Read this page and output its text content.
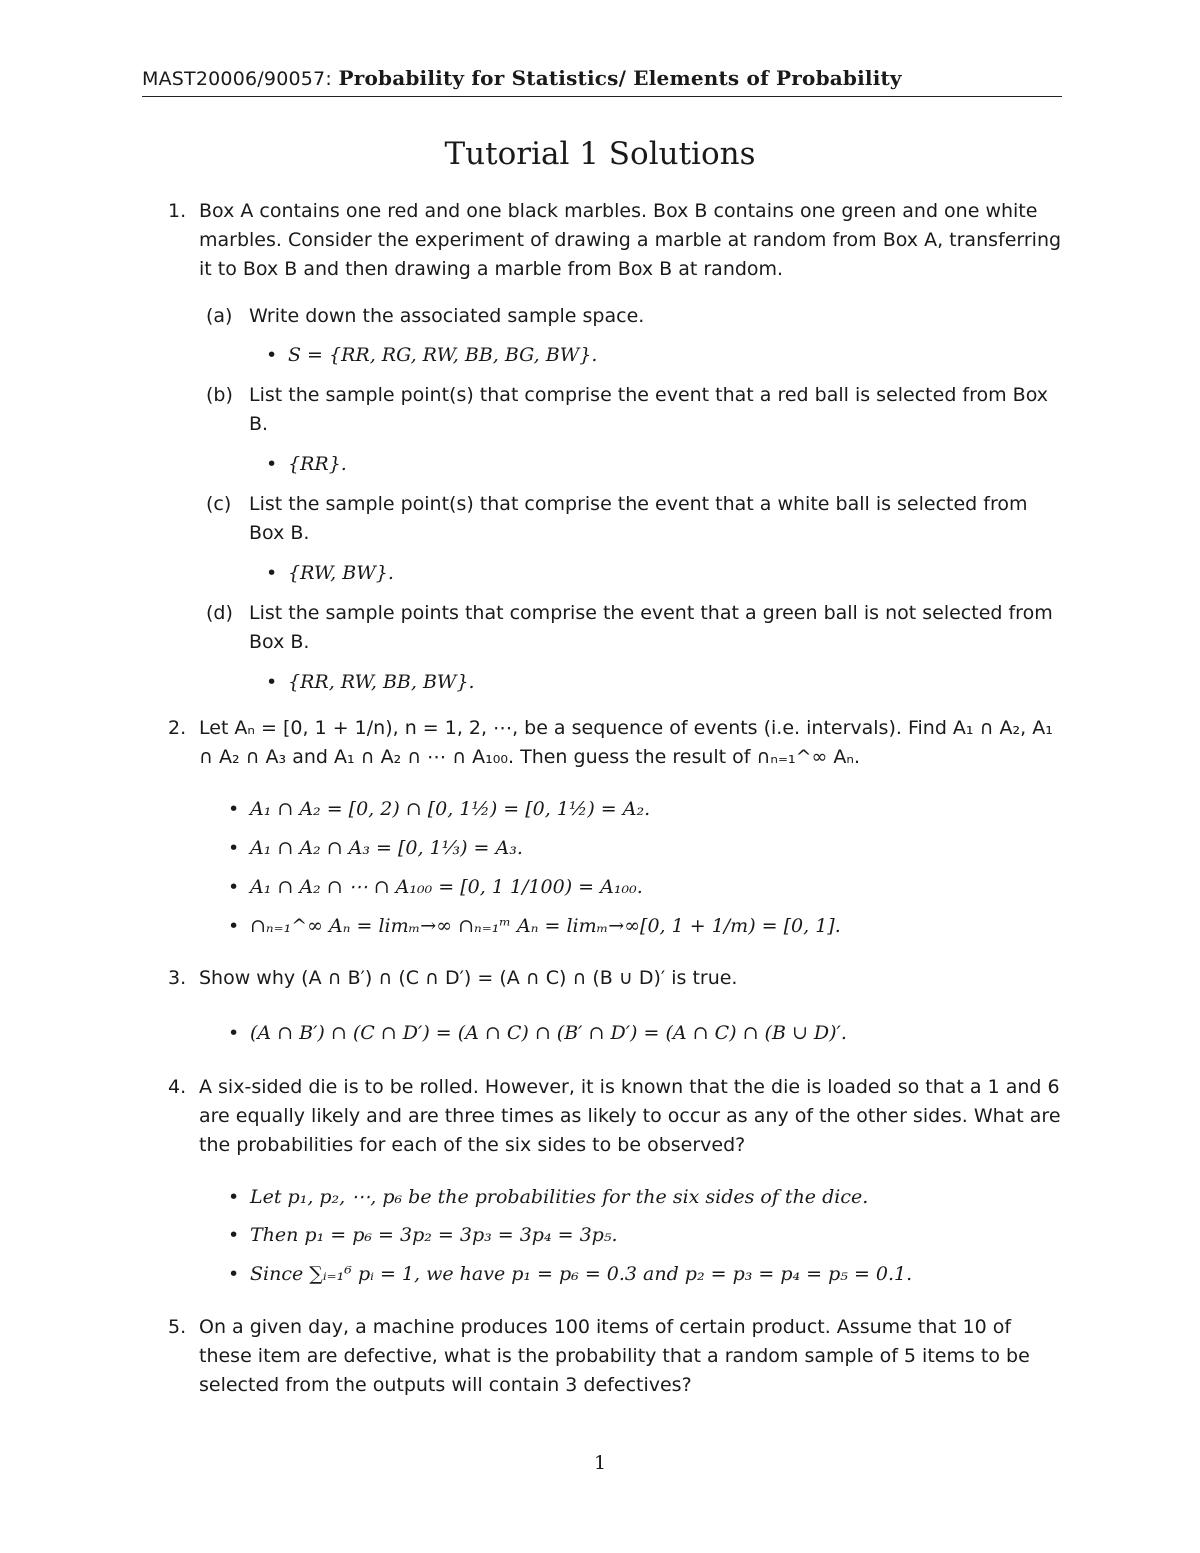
MAST20006/90057: Probability for Statistics/ Elements of Probability
Tutorial 1 Solutions
1. Box A contains one red and one black marbles. Box B contains one green and one white marbles. Consider the experiment of drawing a marble at random from Box A, transferring it to Box B and then drawing a marble from Box B at random.
(a) Write down the associated sample space.
• S = {RR, RG, RW, BB, BG, BW}.
(b) List the sample point(s) that comprise the event that a red ball is selected from Box B.
• {RR}.
(c) List the sample point(s) that comprise the event that a white ball is selected from Box B.
• {RW, BW}.
(d) List the sample points that comprise the event that a green ball is not selected from Box B.
• {RR, RW, BB, BW}.
2. Let Aₙ = [0, 1 + 1/n), n = 1, 2, ⋯, be a sequence of events (i.e. intervals). Find A₁ ∩ A₂, A₁ ∩ A₂ ∩ A₃ and A₁ ∩ A₂ ∩ ⋯ ∩ A₁₀₀. Then guess the result of ∩ₙ₌₁^∞ Aₙ.
• A₁ ∩ A₂ = [0, 2) ∩ [0, 1½) = [0, 1½) = A₂.
• A₁ ∩ A₂ ∩ A₃ = [0, 1⅓) = A₃.
• A₁ ∩ A₂ ∩ ⋯ ∩ A₁₀₀ = [0, 1 1/100) = A₁₀₀.
• ∩ₙ₌₁^∞ Aₙ = limₘ→∞ ∩ₙ₌₁ᵐ Aₙ = limₘ→∞[0, 1 + 1/m) = [0, 1].
3. Show why (A ∩ B′) ∩ (C ∩ D′) = (A ∩ C) ∩ (B ∪ D)′ is true.
• (A ∩ B′) ∩ (C ∩ D′) = (A ∩ C) ∩ (B′ ∩ D′) = (A ∩ C) ∩ (B ∪ D)′.
4. A six-sided die is to be rolled. However, it is known that the die is loaded so that a 1 and 6 are equally likely and are three times as likely to occur as any of the other sides. What are the probabilities for each of the six sides to be observed?
• Let p₁, p₂, ⋯, p₆ be the probabilities for the six sides of the dice.
• Then p₁ = p₆ = 3p₂ = 3p₃ = 3p₄ = 3p₅.
• Since ∑ᵢ₌₁⁶ pᵢ = 1, we have p₁ = p₆ = 0.3 and p₂ = p₃ = p₄ = p₅ = 0.1.
5. On a given day, a machine produces 100 items of certain product. Assume that 10 of these item are defective, what is the probability that a random sample of 5 items to be selected from the outputs will contain 3 defectives?
1
